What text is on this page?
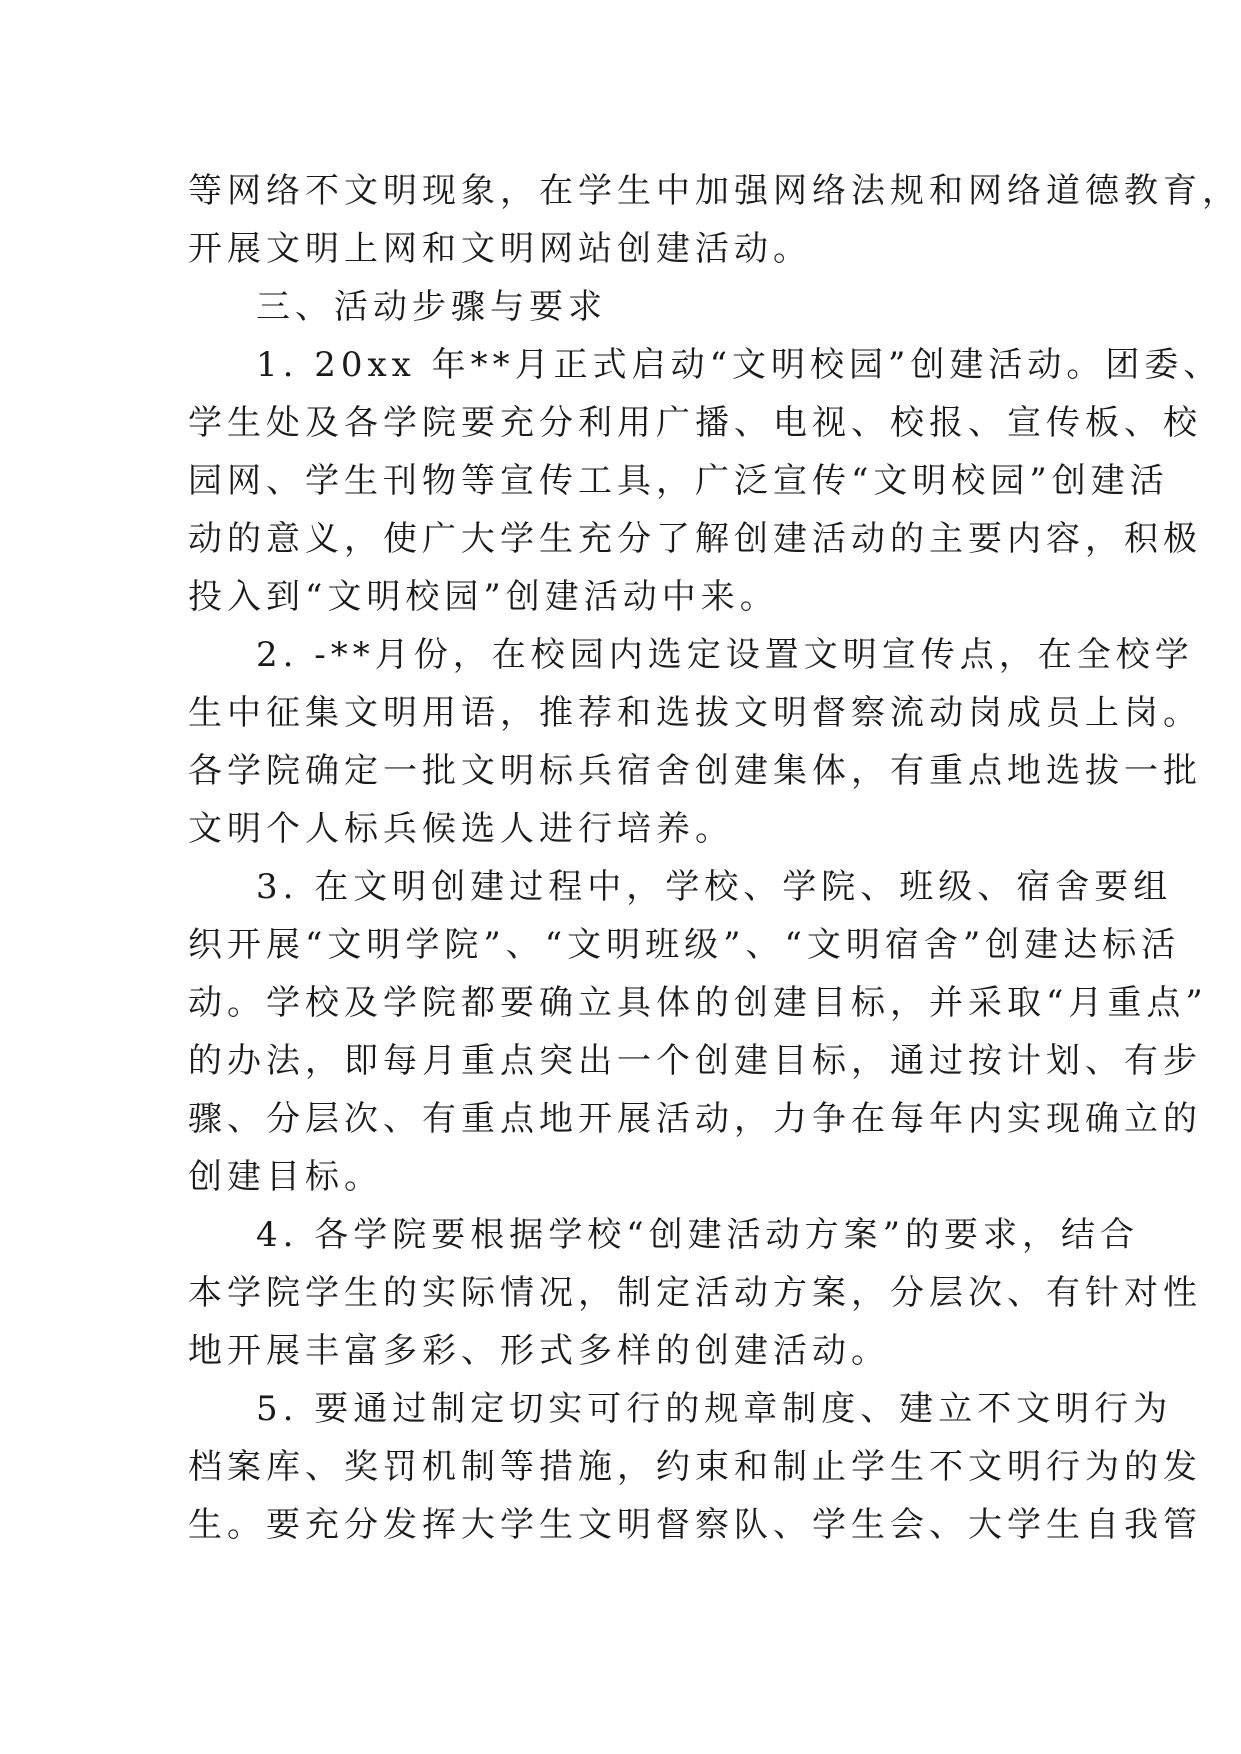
等网络不文明现象，在学生中加强网络法规和网络道德教育，
开展文明上网和文明网站创建活动。
三、活动步骤与要求
1. 20xx 年**月正式启动“文明校园”创建活动。团委、
学生处及各学院要充分利用广播、电视、校报、宣传板、校
园网、学生刊物等宣传工具，广泛宣传“文明校园”创建活
动的意义，使广大学生充分了解创建活动的主要内容，积极
投入到“文明校园”创建活动中来。
2. -**月份，在校园内选定设置文明宣传点，在全校学
生中征集文明用语，推荐和选拔文明督察流动岗成员上岗。
各学院确定一批文明标兵宿舍创建集体，有重点地选拔一批
文明个人标兵候选人进行培养。
3. 在文明创建过程中，学校、学院、班级、宿舍要组
织开展“文明学院”、“文明班级”、“文明宿舍”创建达标活
动。学校及学院都要确立具体的创建目标，并采取“月重点”
的办法，即每月重点突出一个创建目标，通过按计划、有步
骤、分层次、有重点地开展活动，力争在每年内实现确立的
创建目标。
4. 各学院要根据学校“创建活动方案”的要求，结合
本学院学生的实际情况，制定活动方案，分层次、有针对性
地开展丰富多彩、形式多样的创建活动。
5. 要通过制定切实可行的规章制度、建立不文明行为
档案库、奖罚机制等措施，约束和制止学生不文明行为的发
生。要充分发挥大学生文明督察队、学生会、大学生自我管
